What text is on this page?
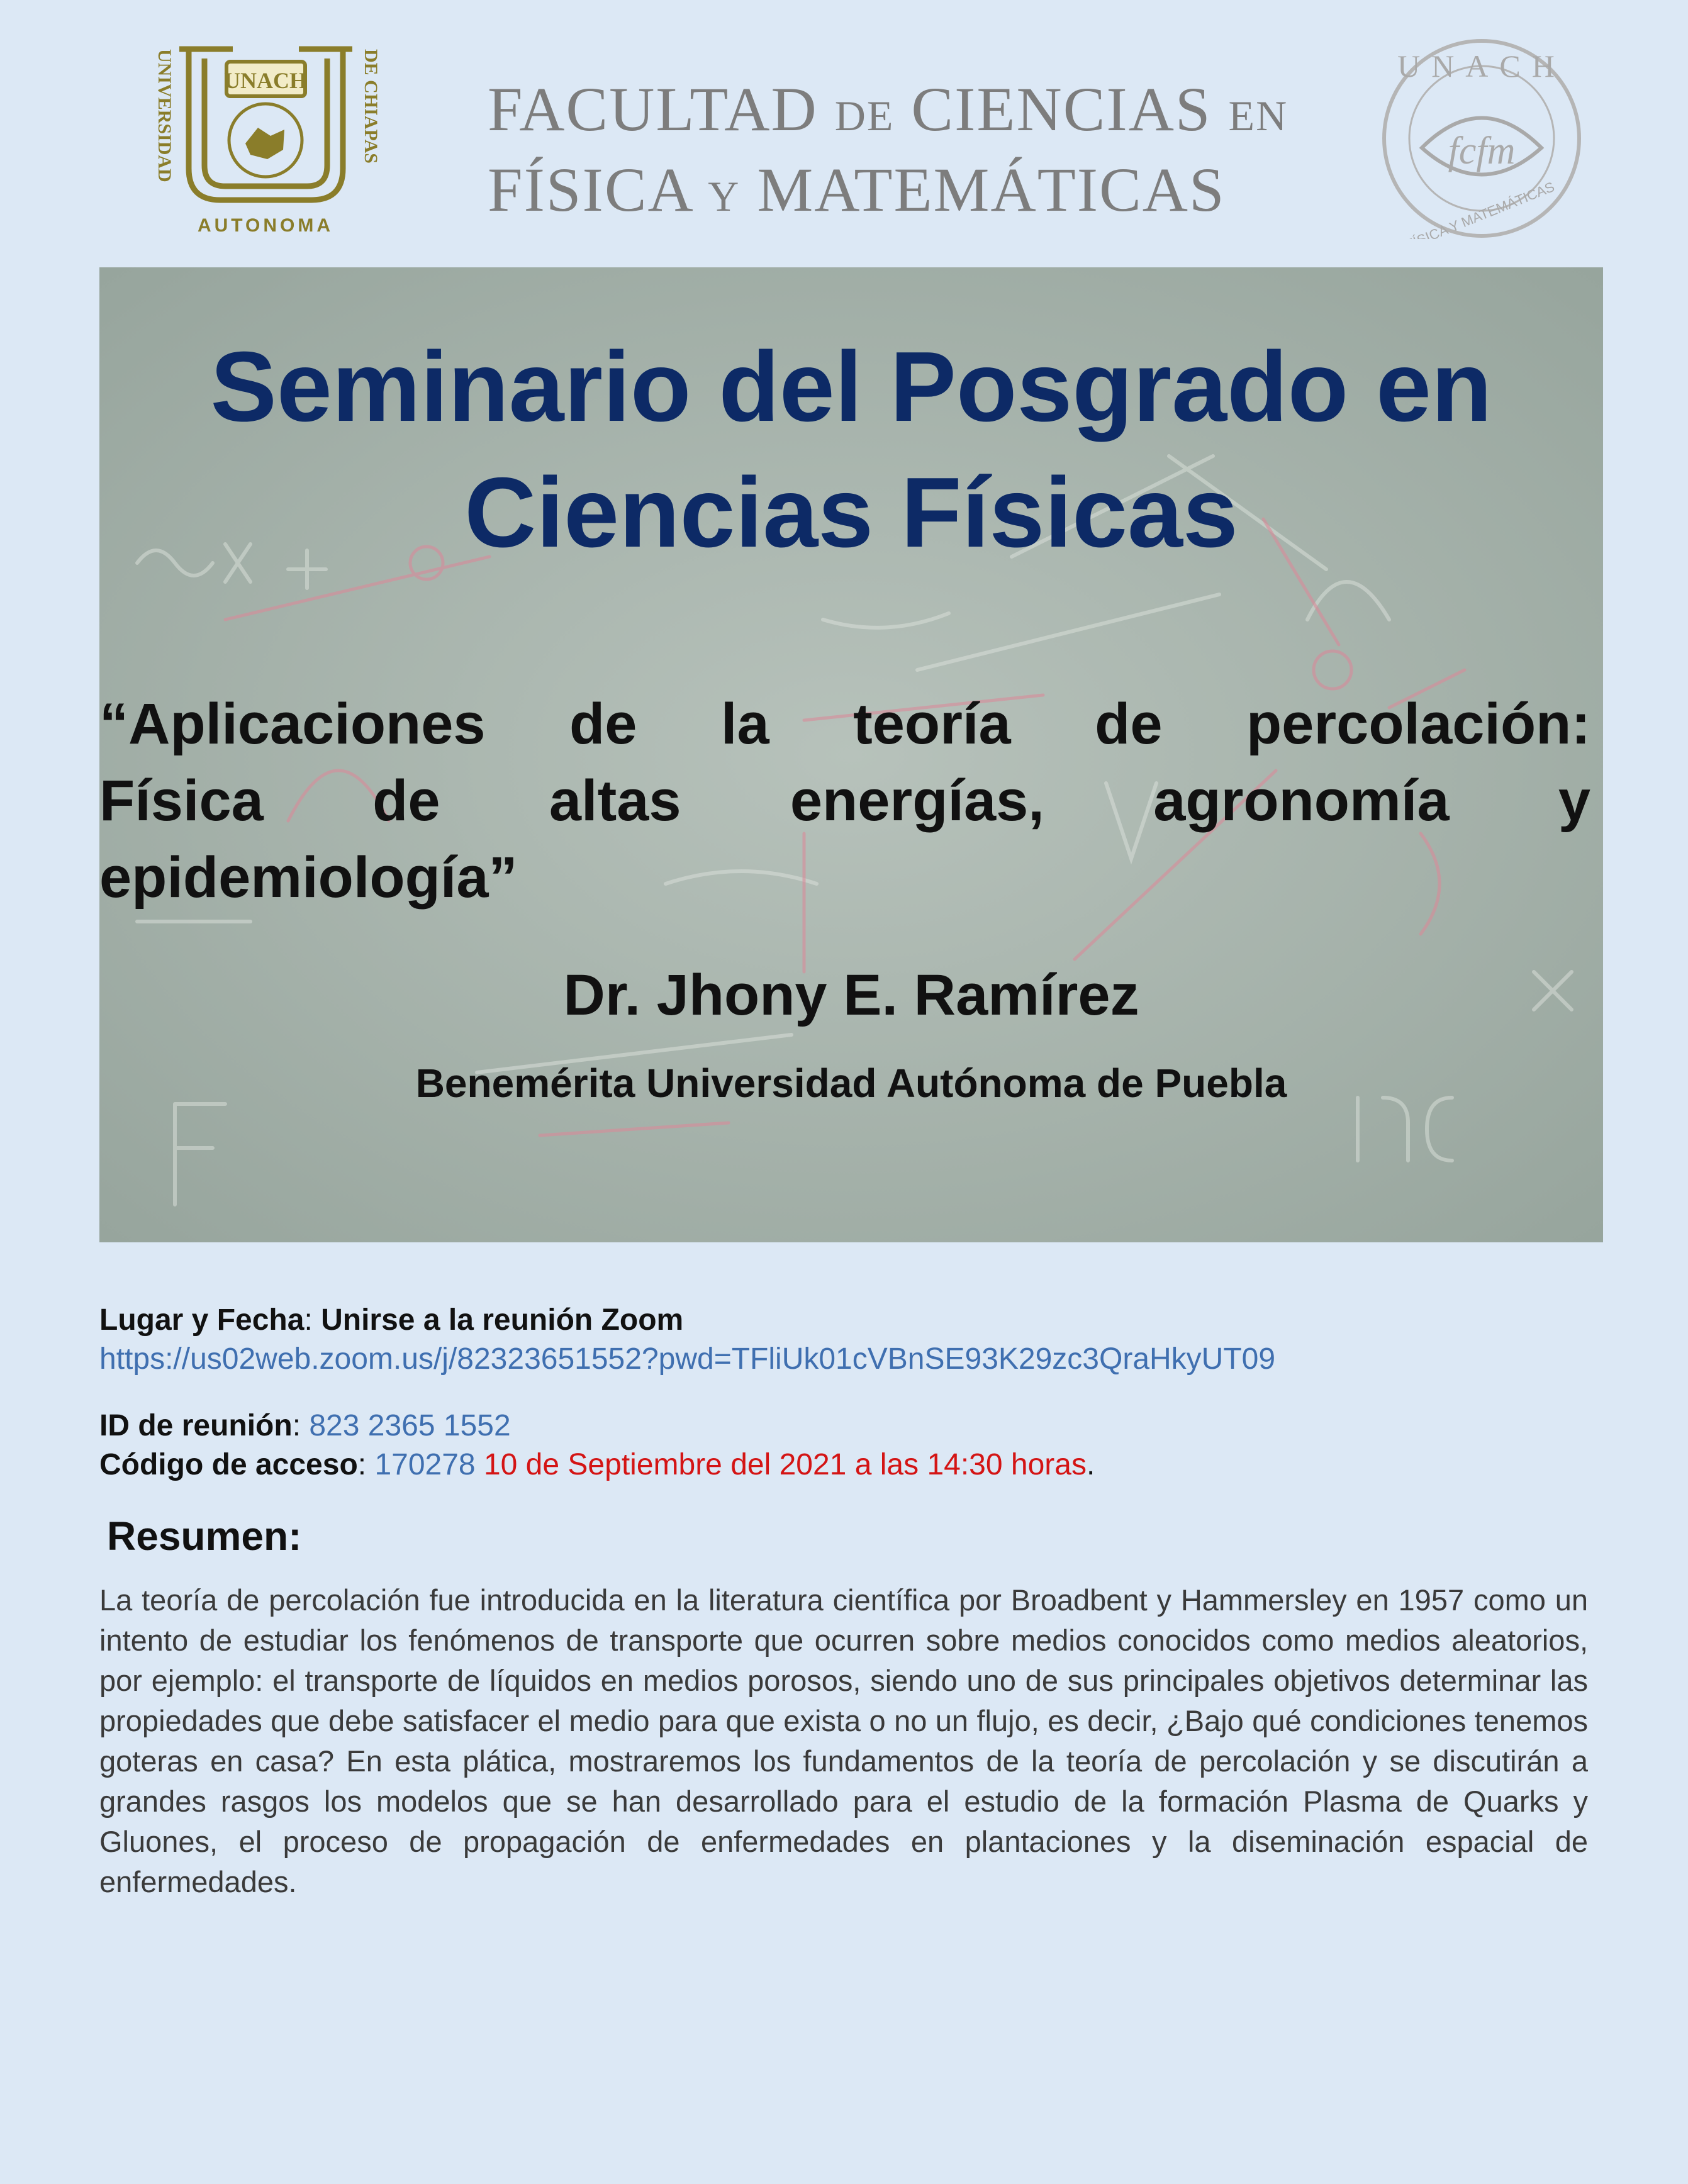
UNIVERSIDAD	DE CHIAPAS
UNACH
AUTONOMA
FACULTAD DE CIENCIAS EN
FÍSICA Y MATEMÁTICAS
UNACH
fcfm
FÍSICA Y MATEMÁTICAS
Seminario del Posgrado en
Ciencias Físicas
“Aplicaciones de la teoría de percolación:
Física de altas energías, agronomía y
epidemiología”
Dr. Jhony E. Ramírez
Benemérita Universidad Autónoma de Puebla
Lugar y Fecha: Unirse a la reunión Zoom
https://us02web.zoom.us/j/82323651552?pwd=TFliUk01cVBnSE93K29zc3QraHkyUT09
ID de reunión: 823 2365 1552
Código de acceso: 170278 10 de Septiembre del 2021 a las 14:30 horas.
Resumen:
La teoría de percolación fue introducida en la literatura científica por Broadbent y Hammersley en 1957 como un intento de estudiar los fenómenos de transporte que ocurren sobre medios conocidos como medios aleatorios, por ejemplo: el transporte de líquidos en medios porosos, siendo uno de sus principales objetivos determinar las propiedades que debe satisfacer el medio para que exista o no un flujo, es decir, ¿Bajo qué condiciones tenemos goteras en casa? En esta plática, mostraremos los fundamentos de la teoría de percolación y se discutirán a grandes rasgos los modelos que se han desarrollado para el estudio de la formación Plasma de Quarks y Gluones, el proceso de propagación de enfermedades en plantaciones y la diseminación espacial de enfermedades.
